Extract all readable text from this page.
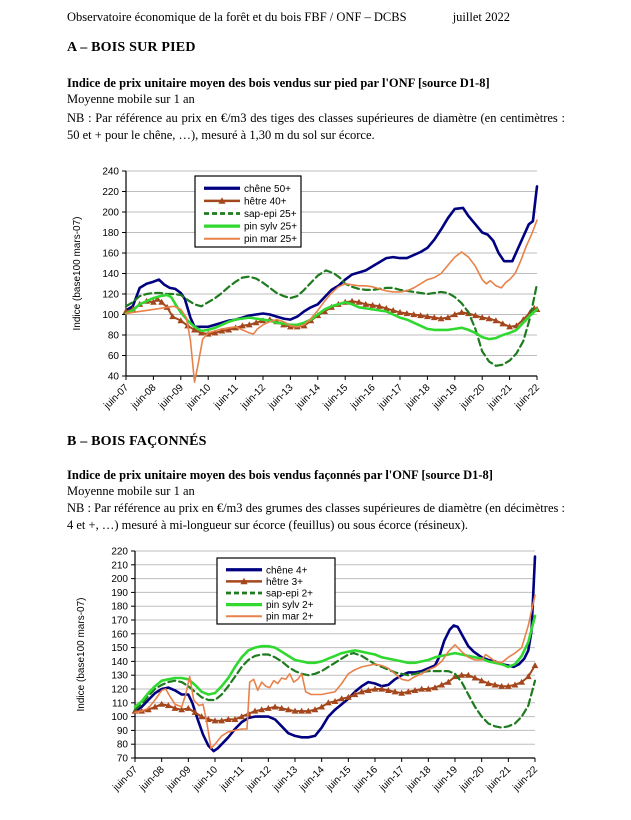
Observatoire économique de la forêt et du bois FBF / ONF – DCBS	juillet 2022
A – BOIS SUR PIED
Indice de prix unitaire moyen des bois vendus sur pied par l'ONF [source D1-8]
Moyenne mobile sur 1 an
NB : Par référence au prix en €/m3 des tiges des classes supérieures de diamètre (en centimètres : 50 et + pour le chêne, …), mesuré à 1,30 m du sol sur écorce.
40
60
80
100
120
140
160
180
200
220
240
juin-07
juin-08
juin-09
juin-10
juin-11
juin-12
juin-13
juin-14
juin-15
juin-16
juin-17
juin-18
juin-19
juin-20
juin-21
juin-22
Indice (base100 mars-07)
chêne 50+
hêtre 40+
sap-epi 25+
pin sylv 25+
pin mar 25+
B – BOIS FAÇONNÉS
Indice de prix unitaire moyen des bois vendus façonnés par l'ONF [source D1-8]
Moyenne mobile sur 1 an
NB : Par référence au prix en €/m3 des grumes des classes supérieures de diamètre (en décimètres : 4 et +, …) mesuré à mi-longueur sur écorce (feuillus) ou sous écorce (résineux).
70
80
90
100
110
120
130
140
150
160
170
180
190
200
210
220
juin-07
juin-08
juin-09
juin-10
juin-11
juin-12
juin-13
juin-14
juin-15
juin-16
juin-17
juin-18
juin-19
juin-20
juin-21
juin-22
Indice (base100 mars-07)
chêne 4+
hêtre 3+
sap-epi 2+
pin sylv 2+
pin mar 2+
